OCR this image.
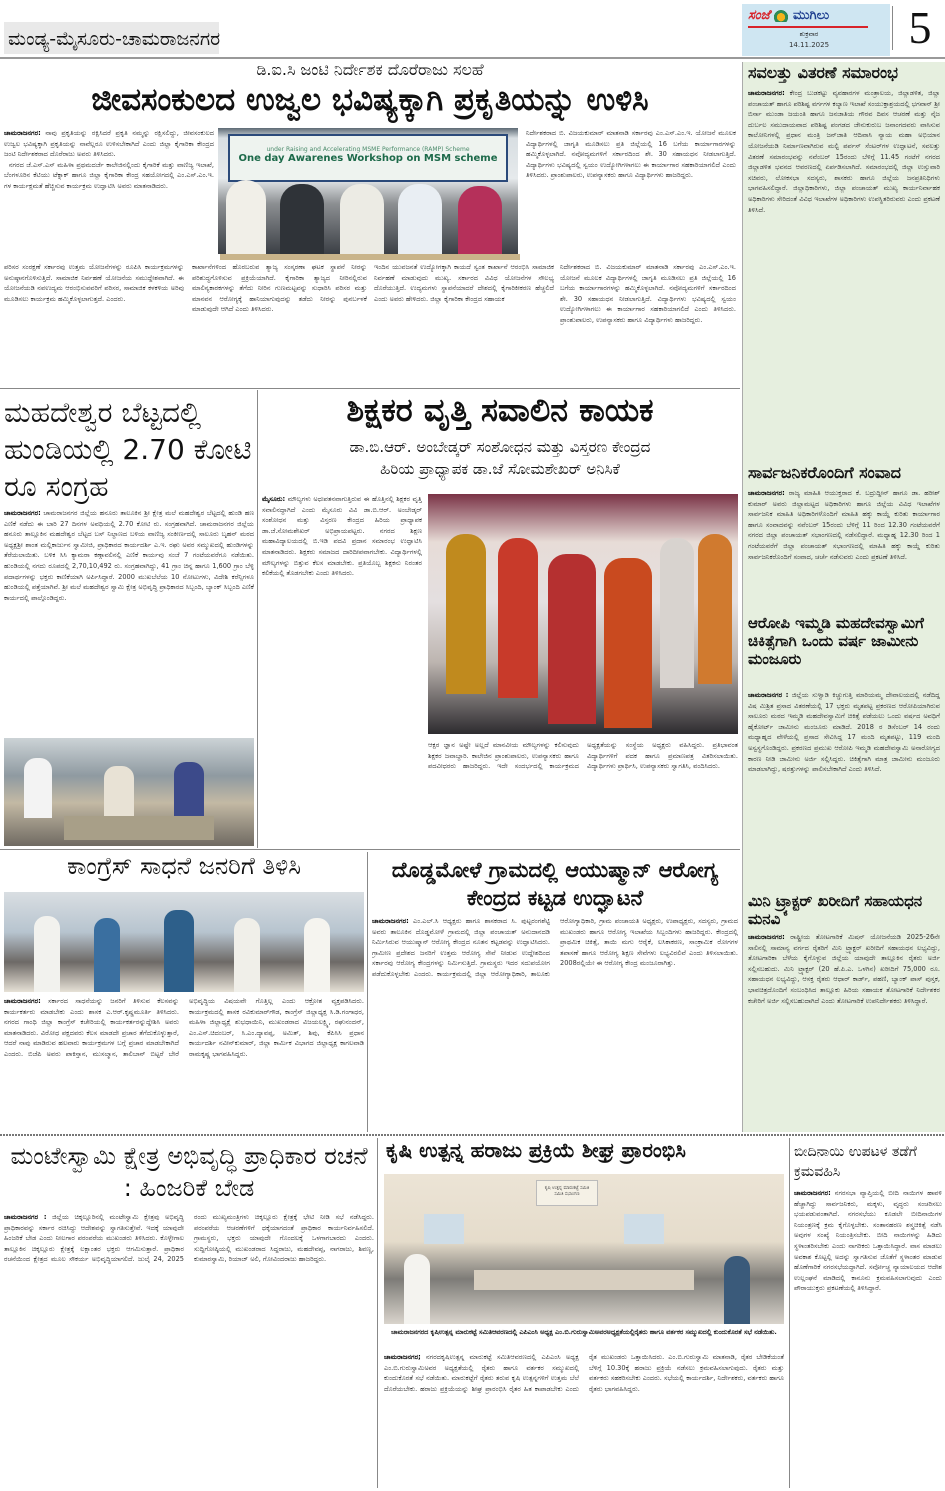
ಮಂಡ್ಯ-ಮೈಸೂರು-ಚಾಮರಾಜನಗರ
ಸಂಜೆ ಮುಗಿಲು
ಶುಕ್ರವಾರ
14.11.2025	5
ಡಿ.ಐ.ಸಿ ಜಂಟಿ ನಿರ್ದೇಶಕ ದೊರೆರಾಜು ಸಲಹೆ
ಜೀವಸಂಕುಲದ ಉಜ್ವಲ ಭವಿಷ್ಯಕ್ಕಾಗಿ ಪ್ರಕೃತಿಯನ್ನು ಉಳಿಸಿ
ಚಾಮರಾಜನಗರ: ನಾವು ಪ್ರಕೃತಿಯನ್ನು ರಕ್ಷಿಸಿದರೆ ಪ್ರಕೃತಿ ನಮ್ಮನ್ನು ರಕ್ಷಿಸಲಿದ್ದು, ಜೀವಸಂಕುಲದ ಉಜ್ವಲ ಭವಿಷ್ಯಕ್ಕಾಗಿ ಪ್ರಕೃತಿಯನ್ನು ನಾವೆಲ್ಲರೂ ಉಳಿಸಬೇಕಾಗಿದೆ ಎಂದು ಜಿಲ್ಲಾ ಕೈಗಾರಿಕಾ ಕೇಂದ್ರದ ಜಂಟಿ ನಿರ್ದೇಶಕರಾದ ದೊರೆರಾಜು ಅವರು ತಿಳಿಸಿದರು.
ನಗರದ ಜೆ.ಎಸ್.ಎಸ್ ಮಹಿಳಾ ಪ್ರಥಮದರ್ಜೆ ಕಾಲೇಜಿನಲ್ಲಿಂದು ಕೈಗಾರಿಕೆ ಮತ್ತು ವಾಣಿಜ್ಯ ಇಲಾಖೆ, ಬೆಂಗಳೂರಿನ ಕೆಟಿಯು ಟೆಕ್ನಾಕ್ ಹಾಗೂ ಜಿಲ್ಲಾ ಕೈಗಾರಿಕಾ ಕೇಂದ್ರ ಸಹಯೋಗದಲ್ಲಿ ಎಂ.ಎಸ್.ಎಂ.ಇ. ಗಳ ಕಾರ್ಯಕ್ಷಮತೆ ಹೆಚ್ಚಿಸುವ ಕಾರ್ಯಕ್ರಮ ಉದ್ಘಾಟಿಸಿ ಅವರು ಮಾತನಾಡಿದರು.
under Raising and Accelerating MSME Performance (RAMP) Scheme
One day Awarenes Workshop on MSM scheme
ನಿರ್ದೇಶಕರಾದ ಬಿ. ವಿಜಯಕುಮಾರ್ ಮಾತನಾಡಿ ಸರ್ಕಾರವು ಎಂ.ಎಸ್.ಎಂ.ಇ. ಯೋಜನೆ ಮೂಲಕ ವಿದ್ಯಾರ್ಥಿಗಳಲ್ಲಿ ಜಾಗೃತಿ ಮೂಡಿಸಲು ಪ್ರತಿ ಜಿಲ್ಲೆಯಲ್ಲಿ 16 ಬಗೆಯ ಕಾರ್ಯಾಗಾರಗಳನ್ನು ಹಮ್ಮಿಕೊಳ್ಳಲಾಗಿದೆ. ನವೋದ್ಯಮಗಳಿಗೆ ಸರ್ಕಾರದಿಂದ ಶೇ. 30 ಸಹಾಯಧನ ನೀಡಲಾಗುತ್ತಿದೆ. ವಿದ್ಯಾರ್ಥಿಗಳು ಭವಿಷ್ಯದಲ್ಲಿ ಸ್ವಯಂ ಉದ್ಯೋಗಿಗಳಾಗಲು ಈ ಕಾರ್ಯಾಗಾರ ಸಹಕಾರಿಯಾಗಲಿದೆ ಎಂದು ತಿಳಿಸಿದರು. ಪ್ರಾಂಶುಪಾಲರು, ಉಪನ್ಯಾಸಕರು ಹಾಗೂ ವಿದ್ಯಾರ್ಥಿಗಳು ಹಾಜರಿದ್ದರು.
ಪರಿಸರ ಸಂರಕ್ಷಣೆ ಸರ್ಕಾರವು ಉತ್ತಮ ಯೋಜನೆಗಳನ್ನು ರೂಪಿಸಿ ಕಾರ್ಯಕ್ರಮಗಳನ್ನು ಅನುಷ್ಠಾನಗೊಳಿಸುತ್ತಿದೆ. ಸಾಮಾಜಿಕ ನಿರ್ವಹಣೆ ಯೋಜನೆಯ ಸಮುದ್ದೇಶವಾಗಿದೆ. ಈ ಯೋಜನೆಯಡಿ ನವಉದ್ಯಮ ಆರಂಭಿಸುವವರಿಗೆ ಪರಿಸರ, ಸಾಮಾಜಿಕ ಕಳಕಳಿಯ ಅರಿವು ಮೂಡಿಸಲು ಕಾರ್ಯಕ್ರಮ ಹಮ್ಮಿಕೊಳ್ಳಲಾಗುತ್ತದೆ. ಎಂದರು.
ಕಾರ್ಖಾನೆಗಳಿಂದ ಹೊರಬರುವ ತ್ಯಾಜ್ಯ ಸಂಸ್ಕರಣಾ ಘಟಕ ಸ್ಥಾಪನೆ ನೀರನ್ನು ಪರಿಶುದ್ಧಗೊಳಿಸುವ ಪ್ರಕ್ರಿಯೆಯಾಗಿದೆ. ಕೈಗಾರಿಕಾ ತ್ಯಾಜ್ಯದ ನೀರಿನಲ್ಲಿರುವ ಮಾಲಿನ್ಯಕಾರಕಗಳನ್ನು ತೆಗೆದು ನೀರಿನ ಗುಣಮಟ್ಟವನ್ನು ಸುಧಾರಿಸಿ ಪರಿಸರ ಮತ್ತು ಮಾನವನ ಆರೋಗ್ಯಕ್ಕೆ ಹಾನಿಯಾಗುವುದನ್ನು ತಡೆದು ನೀರನ್ನು ಪುನರ್ಬಳಕೆ ಮಾಡುವುದೇ ಆಗಿದೆ ಎಂದು ತಿಳಿಸಿದರು.
ಇಂದಿನ ಯುವಜನತೆ ಉದ್ಯೋಗಕ್ಕಾಗಿ ಕಾಯದೆ ಸ್ವಂತ ಕಾರ್ಖಾನೆ ಆರಂಭಿಸಿ ಸಾಮಾಜಿಕ ನಿರ್ವಹಣೆ ಮಾಡುವುದು ಮುಖ್ಯ. ಸರ್ಕಾರದ ವಿವಿಧ ಯೋಜನೆಗಳ ಸೌಲಭ್ಯ ದೊರೆಯುತ್ತಿದೆ. ಉದ್ಯಮಗಳು ಸ್ಥಾಪನೆಯಾದರೆ ದೇಶದಲ್ಲಿ ಕೈಗಾರಿಕೀಕರಣ ಹೆಚ್ಚಲಿದೆ ಎಂದು ಅವರು ಹೇಳಿದರು. ಜಿಲ್ಲಾ ಕೈಗಾರಿಕಾ ಕೇಂದ್ರದ ಸಹಾಯಕ
ನಿರ್ದೇಶಕರಾದ ಬಿ. ವಿಜಯಕುಮಾರ್ ಮಾತನಾಡಿ ಸರ್ಕಾರವು ಎಂ.ಎಸ್.ಎಂ.ಇ. ಯೋಜನೆ ಮೂಲಕ ವಿದ್ಯಾರ್ಥಿಗಳಲ್ಲಿ ಜಾಗೃತಿ ಮೂಡಿಸಲು ಪ್ರತಿ ಜಿಲ್ಲೆಯಲ್ಲಿ 16 ಬಗೆಯ ಕಾರ್ಯಾಗಾರಗಳನ್ನು ಹಮ್ಮಿಕೊಳ್ಳಲಾಗಿದೆ. ನವೋದ್ಯಮಗಳಿಗೆ ಸರ್ಕಾರದಿಂದ ಶೇ. 30 ಸಹಾಯಧನ ನೀಡಲಾಗುತ್ತಿದೆ. ವಿದ್ಯಾರ್ಥಿಗಳು ಭವಿಷ್ಯದಲ್ಲಿ ಸ್ವಯಂ ಉದ್ಯೋಗಿಗಳಾಗಲು ಈ ಕಾರ್ಯಾಗಾರ ಸಹಕಾರಿಯಾಗಲಿದೆ ಎಂದು ತಿಳಿಸಿದರು. ಪ್ರಾಂಶುಪಾಲರು, ಉಪನ್ಯಾಸಕರು ಹಾಗೂ ವಿದ್ಯಾರ್ಥಿಗಳು ಹಾಜರಿದ್ದರು.
ಸವಲತ್ತು ವಿತರಣೆ ಸಮಾರಂಭ
ಚಾಮರಾಜನಗರ: ಕೇಂದ್ರ ಬುಡಕಟ್ಟು ವ್ಯವಹಾರಗಳ ಮಂತ್ರಾಲಯ, ಜಿಲ್ಲಾಡಳಿತ, ಜಿಲ್ಲಾ ಪಂಚಾಯತ್ ಹಾಗೂ ಪರಿಶಿಷ್ಟ ವರ್ಗಗಳ ಕಲ್ಯಾಣ ಇಲಾಖೆ ಸಂಯುಕ್ತಾಶ್ರಯದಲ್ಲಿ ಭಗವಾನ್ ಶ್ರೀ ಬಿರ್ಸಾ ಮುಂಡಾ ಜಯಂತಿ ಹಾಗೂ ಜನಜಾತಿಯ ಗೌರವ ದಿವಸ ಆಚರಣೆ ಮತ್ತು ನೈಜ ದುರ್ಬಲ ಸಮುದಾಯವಾದ ಪರಿಶಿಷ್ಟ ಪಂಗಡದ ಜೇನುಕುರುಬ ಜನಾಂಗದವರು ವಾಸಿಸುವ ಕಾಲೋನಿಗಳಲ್ಲಿ ಪ್ರಧಾನ ಮಂತ್ರಿ ಜನ್‌ಜಾತಿ ಆದಿವಾಸಿ ನ್ಯಾಯ ಮಹಾ ಅಭಿಯಾನ ಯೋಜನೆಯಡಿ ನಿರ್ಮಾಣವಾಗಿರುವ ಮಲ್ಟಿ ಪರ್ಪಸ್ ಸೆಂಟರ್‌ಗಳ ಉದ್ಘಾಟನೆ, ಸವಲತ್ತು ವಿತರಣೆ ಸಮಾರಂಭವನ್ನು ನವೆಂಬರ್ 15ರಂದು ಬೆಳಿಗ್ಗೆ 11.45 ಗಂಟೆಗೆ ನಗರದ ಜಿಲ್ಲಾಡಳಿತ ಭವನದ ಆವರಣದಲ್ಲಿ ಏರ್ಪಡಿಸಲಾಗಿದೆ. ಸಮಾರಂಭದಲ್ಲಿ ಜಿಲ್ಲಾ ಉಸ್ತುವಾರಿ ಸಚಿವರು, ಲೋಕಸಭಾ ಸದಸ್ಯರು, ಶಾಸಕರು ಹಾಗೂ ಜಿಲ್ಲೆಯ ಜನಪ್ರತಿನಿಧಿಗಳು ಭಾಗವಹಿಸಲಿದ್ದಾರೆ. ಜಿಲ್ಲಾಧಿಕಾರಿಗಳು, ಜಿಲ್ಲಾ ಪಂಚಾಯತ್ ಮುಖ್ಯ ಕಾರ್ಯನಿರ್ವಾಹಕ ಅಧಿಕಾರಿಗಳು ಸೇರಿದಂತೆ ವಿವಿಧ ಇಲಾಖೆಗಳ ಅಧಿಕಾರಿಗಳು ಉಪಸ್ಥಿತರಿರುವರು ಎಂದು ಪ್ರಕಟಣೆ ತಿಳಿಸಿದೆ.
ಸಾರ್ವಜನಿಕರೊಂದಿಗೆ ಸಂವಾದ
ಚಾಮರಾಜನಗರ: ರಾಜ್ಯ ಮಾಹಿತಿ ಆಯುಕ್ತರಾದ ಕೆ. ಬದ್ರುದ್ದೀನ್ ಹಾಗೂ ಡಾ. ಹರೀಶ್ ಕುಮಾರ್ ಅವರು ಜಿಲ್ಲಾಮಟ್ಟದ ಅಧಿಕಾರಿಗಳು ಹಾಗೂ ಜಿಲ್ಲೆಯ ವಿವಿಧ ಇಲಾಖೆಗಳ ಸಾರ್ವಜನಿಕ ಮಾಹಿತಿ ಅಧಿಕಾರಿಗಳೊಂದಿಗೆ ಮಾಹಿತಿ ಹಕ್ಕು ಕಾಯ್ದೆ ಕುರಿತು ಕಾರ್ಯಾಗಾರ ಹಾಗೂ ಸಂವಾದವನ್ನು ನವೆಂಬರ್ 15ರಂದು ಬೆಳಿಗ್ಗೆ 11 ರಿಂದ 12.30 ಗಂಟೆಯವರೆಗೆ ನಗರದ ಜಿಲ್ಲಾ ಪಂಚಾಯತ್ ಸಭಾಂಗಣದಲ್ಲಿ ನಡೆಸಲಿದ್ದಾರೆ. ಮಧ್ಯಾಹ್ನ 12.30 ರಿಂದ 1 ಗಂಟೆಯವರೆಗೆ ಜಿಲ್ಲಾ ಪಂಚಾಯತ್ ಸಭಾಂಗಣದಲ್ಲಿ ಮಾಹಿತಿ ಹಕ್ಕು ಕಾಯ್ದೆ ಕುರಿತು ಸಾರ್ವಜನಿಕರೊಂದಿಗೆ ಸಂವಾದ, ಚರ್ಚೆ ನಡೆಸುವರು ಎಂದು ಪ್ರಕಟಣೆ ತಿಳಿಸಿದೆ.
ಆರೋಪಿ ಇಮ್ಮಡಿ ಮಹದೇವಸ್ವಾಮಿಗೆ ಚಿಕಿತ್ಸೆಗಾಗಿ ಒಂದು ವರ್ಷ ಜಾಮೀನು ಮಂಜೂರು
ಚಾಮರಾಜನಗರ : ಜಿಲ್ಲೆಯ ಸುಳ್ವಾಡಿ ಕಿಚ್ಚುಗುತ್ತಿ ಮಾರಿಯಮ್ಮ ದೇವಾಲಯದಲ್ಲಿ ನಡೆದಿದ್ದ ವಿಷ ಮಿಶ್ರಿತ ಪ್ರಸಾದ ವಿತರಣೆಯಲ್ಲಿ 17 ಭಕ್ತರು ಮೃತಪಟ್ಟ ಪ್ರಕರಣದ ಆರೋಪಿಯಾಗಿರುವ ಸಾಲೂರು ಮಠದ ಇಮ್ಮಡಿ ಮಹದೇವಸ್ವಾಮಿಗೆ ಚಿಕಿತ್ಸೆ ಪಡೆಯಲು ಒಂದು ವರ್ಷದ ಅವಧಿಗೆ ಹೈಕೋರ್ಟ್ ಜಾಮೀನು ಮಂಜೂರು ಮಾಡಿದೆ. 2018 ರ ಡಿಸೆಂಬರ್ 14 ರಂದು ಮಧ್ಯಾಹ್ನದ ವೇಳೆಯಲ್ಲಿ ಪ್ರಸಾದ ಸೇವಿಸಿದ್ದ 17 ಮಂದಿ ಮೃತಪಟ್ಟು, 119 ಮಂದಿ ಅಸ್ವಸ್ಥಗೊಂಡಿದ್ದರು. ಪ್ರಕರಣದ ಪ್ರಮುಖ ಆರೋಪಿ ಇಮ್ಮಡಿ ಮಹದೇವಸ್ವಾಮಿ ಅನಾರೋಗ್ಯದ ಕಾರಣ ನೀಡಿ ಜಾಮೀನು ಅರ್ಜಿ ಸಲ್ಲಿಸಿದ್ದರು. ಚಿಕಿತ್ಸೆಗಾಗಿ ಮಾತ್ರ ಜಾಮೀನು ಮಂಜೂರು ಮಾಡಲಾಗಿದ್ದು, ಷರತ್ತುಗಳನ್ನು ಪಾಲಿಸಬೇಕಾಗಿದೆ ಎಂದು ತಿಳಿಸಿದೆ.
ಮಿನಿ ಟ್ರ್ಯಾಕ್ಟರ್ ಖರೀದಿಗೆ ಸಹಾಯಧನ ಮನವಿ
ಚಾಮರಾಜನಗರ: ರಾಷ್ಟ್ರೀಯ ತೋಟಗಾರಿಕೆ ಮಿಷನ್ ಯೋಜನೆಯಡಿ 2025-26ನೇ ಸಾಲಿನಲ್ಲಿ ಸಾಮಾನ್ಯ ವರ್ಗದ ರೈತರಿಗೆ ಮಿನಿ ಟ್ರ್ಯಾಕ್ಟರ್ ಖರೀದಿಗೆ ಸಹಾಯಧನ ಲಭ್ಯವಿದ್ದು, ತೋಟಗಾರಿಕಾ ಬೆಳೆಯ ಕೈಗೊಳ್ಳುವ ಜಿಲ್ಲೆಯ ಯಾವುದೇ ತಾಲ್ಲೂಕಿನ ರೈತರು ಅರ್ಜಿ ಸಲ್ಲಿಸಬಹುದು. ಮಿನಿ ಟ್ರ್ಯಾಕ್ಟರ್ (20 ಹೆ.ಪಿ.ಎ. ಒಳಗಿನ) ಖರೀದಿಗೆ 75,000 ರೂ. ಸಹಾಯಧನ ಲಭ್ಯವಿದ್ದು, ಆಸಕ್ತ ರೈತರು ಆಧಾರ್ ಕಾರ್ಡ್, ಪಹಣಿ, ಬ್ಯಾಂಕ್ ಪಾಸ್ ಪುಸ್ತಕ, ಭಾವಚಿತ್ರದೊಂದಿಗೆ ಸಂಬಂಧಿಸಿದ ತಾಲ್ಲೂಕು ಹಿರಿಯ ಸಹಾಯಕ ತೋಟಗಾರಿಕೆ ನಿರ್ದೇಶಕರ ಕಚೇರಿಗೆ ಅರ್ಜಿ ಸಲ್ಲಿಸಬಹುದಾಗಿದೆ ಎಂದು ತೋಟಗಾರಿಕೆ ಉಪನಿರ್ದೇಶಕರು ತಿಳಿಸಿದ್ದಾರೆ.
ಮಹದೇಶ್ವರ ಬೆಟ್ಟದಲ್ಲಿ ಹುಂಡಿಯಲ್ಲಿ 2.70 ಕೋಟಿ ರೂ ಸಂಗ್ರಹ
ಚಾಮರಾಜನಗರ: ಚಾಮರಾಜನಗರ ಜಿಲ್ಲೆಯ ಹನೂರು ತಾಲೂಕಿನ ಶ್ರೀ ಕ್ಷೇತ್ರ ಮಲೆ ಮಹದೇಶ್ವರ ಬೆಟ್ಟದಲ್ಲಿ ಹುಂಡಿ ಹಣ ಎಣಿಕೆ ನಡೆದು ಈ ಬಾರಿ 27 ದಿನಗಳ ಅವಧಿಯಲ್ಲಿ 2.70 ಕೋಟಿ ರು. ಸಂಗ್ರಹವಾಗಿದೆ. ಚಾಮರಾಜನಗರ ಜಿಲ್ಲೆಯ ಹನೂರು ತಾಲ್ಲೂಕಿನ ಮಹದೇಶ್ವರ ಬೆಟ್ಟದ ಬಸ್ ನಿಲ್ದಾಣದ ಬಳಿಯ ವಾಣಿಜ್ಯ ಸಂಕೀರ್ಣದಲ್ಲಿ ಸಾಲೂರು ಬೃಹನ್ ಮಠದ ಅಧ್ಯಕ್ಷಶ್ರೀ ಶಾಂತ ಮಲ್ಲಿಕಾರ್ಜುನ ಸ್ವಾಮೀಜಿ, ಪ್ರಾಧಿಕಾರದ ಕಾರ್ಯದರ್ಶಿ ಎ.ಇ. ರಘು ಅವರ ಸಮ್ಮುಖದಲ್ಲಿ ಹುಂಡಿಗಳನ್ನು ತೆರೆಯಲಾಯಿತು. ಬಳಿಕ ಸಿಸಿ ಕ್ಯಾಮರಾ ಕಣ್ಗಾವಲಿನಲ್ಲಿ ಎಣಿಕೆ ಕಾರ್ಯವು ಸಂಜೆ 7 ಗಂಟೆಯವರೆಗೂ ನಡೆಯಿತು. ಹುಂಡಿಯಲ್ಲಿ ನಗದು ರೂಪದಲ್ಲಿ 2,70,10,492 ರು. ಸಂಗ್ರಹವಾಗಿದ್ದು, 41 ಗ್ರಾಂ ಚಿನ್ನ ಹಾಗೂ 1,600 ಗ್ರಾಂ ಬೆಳ್ಳಿ ಪದಾರ್ಥಗಳನ್ನು ಭಕ್ತರು ಕಾಣಿಕೆಯಾಗಿ ಅರ್ಪಿಸಿದ್ದಾರೆ. 2000 ಮುಖಬೆಲೆಯ 10 ನೋಟುಗಳು, ವಿದೇಶಿ ಕರೆನ್ಸಿಗಳೂ ಹುಂಡಿಯಲ್ಲಿ ಪತ್ತೆಯಾಗಿವೆ. ಶ್ರೀ ಮಲೆ ಮಹದೇಶ್ವರ ಸ್ವಾಮಿ ಕ್ಷೇತ್ರ ಅಭಿವೃದ್ಧಿ ಪ್ರಾಧಿಕಾರದ ಸಿಬ್ಬಂದಿ, ಬ್ಯಾಂಕ್ ಸಿಬ್ಬಂದಿ ಎಣಿಕೆ ಕಾರ್ಯದಲ್ಲಿ ಪಾಲ್ಗೊಂಡಿದ್ದರು.
ಶಿಕ್ಷಕರ ವೃತ್ತಿ ಸವಾಲಿನ ಕಾಯಕ
ಡಾ.ಬಿ.ಆರ್. ಅಂಬೇಡ್ಕರ್ ಸಂಶೋಧನ ಮತ್ತು ವಿಸ್ತರಣ ಕೇಂದ್ರದ
ಹಿರಿಯ ಪ್ರಾಧ್ಯಾಪಕ ಡಾ.ಜೆ ಸೋಮಶೇಖರ್ ಅನಿಸಿಕೆ
ಮೈಸೂರು: ಮೌಲ್ಯಗಳು ಅಧಃಪತನವಾಗುತ್ತಿರುವ ಈ ಹೊತ್ತಿನಲ್ಲಿ ಶಿಕ್ಷಕರ ವೃತ್ತಿ ಸವಾಲಿನದ್ದಾಗಿದೆ ಎಂದು ಮೈಸೂರು ವಿವಿ ಡಾ.ಬಿ.ಆರ್. ಅಂಬೇಡ್ಕರ್ ಸಂಶೋಧನ ಮತ್ತು ವಿಸ್ತರಣ ಕೇಂದ್ರದ ಹಿರಿಯ ಪ್ರಾಧ್ಯಾಪಕ ಡಾ.ಜೆ.ಸೋಮಶೇಖರ್ ಅಭಿಪ್ರಾಯಪಟ್ಟರು. ನಗರದ ಶಿಕ್ಷಣ ಮಹಾವಿದ್ಯಾಲಯದಲ್ಲಿ ಬಿ.ಇಡಿ ಪದವಿ ಪ್ರದಾನ ಸಮಾರಂಭ ಉದ್ಘಾಟಿಸಿ ಮಾತನಾಡಿದರು. ಶಿಕ್ಷಕರು ಸಮಾಜದ ದಾರಿದೀಪವಾಗಬೇಕು. ವಿದ್ಯಾರ್ಥಿಗಳಲ್ಲಿ ಮೌಲ್ಯಗಳನ್ನು ಬಿತ್ತುವ ಕೆಲಸ ಮಾಡಬೇಕು. ಪ್ರತಿಯೊಬ್ಬ ಶಿಕ್ಷಕನು ನಿರಂತರ ಕಲಿಕೆಯಲ್ಲಿ ತೊಡಗಬೇಕು ಎಂದು ತಿಳಿಸಿದರು.
ಆಕ್ಷರ ಜ್ಞಾನ ಅಷ್ಟೇ ಅಲ್ಲದೆ ಮಾನವೀಯ ಮೌಲ್ಯಗಳನ್ನು ಕಲಿಸುವುದು ಶಿಕ್ಷಕರ ಜವಾಬ್ದಾರಿ. ಕಾಲೇಜಿನ ಪ್ರಾಂಶುಪಾಲರು, ಉಪನ್ಯಾಸಕರು ಹಾಗೂ ಪದವೀಧರರು ಹಾಜರಿದ್ದರು. ಇದೇ ಸಂದರ್ಭದಲ್ಲಿ ಕಾರ್ಯಕ್ರಮದ ಅಧ್ಯಕ್ಷತೆಯನ್ನು ಸಂಸ್ಥೆಯ ಅಧ್ಯಕ್ಷರು ವಹಿಸಿದ್ದರು. ಪ್ರತಿಭಾವಂತ ವಿದ್ಯಾರ್ಥಿಗಳಿಗೆ ಪದಕ ಹಾಗೂ ಪ್ರಮಾಣಪತ್ರ ವಿತರಿಸಲಾಯಿತು. ವಿದ್ಯಾರ್ಥಿಗಳು ಪ್ರಾರ್ಥಿಸಿ, ಉಪನ್ಯಾಸಕರು ಸ್ವಾಗತಿಸಿ, ವಂದಿಸಿದರು.
ಕಾಂಗ್ರೆಸ್ ಸಾಧನೆ ಜನರಿಗೆ ತಿಳಿಸಿ
ಚಾಮರಾಜನಗರ: ಸರ್ಕಾರದ ಸಾಧನೆಯನ್ನು ಜನರಿಗೆ ತಿಳಿಸುವ ಕೆಲಸವನ್ನು ಕಾರ್ಯಕರ್ತರು ಮಾಡಬೇಕು ಎಂದು ಶಾಸಕ ಎ.ಆರ್.ಕೃಷ್ಣಮೂರ್ತಿ ತಿಳಿಸಿದರು. ನಗರದ ಗಾಂಧಿ ಜಿಲ್ಲಾ ಕಾಂಗ್ರೆಸ್ ಕಚೇರಿಯಲ್ಲಿ ಕಾರ್ಯಕರ್ತರನ್ನುದ್ದೇಶಿಸಿ ಅವರು ಮಾತನಾಡಿದರು. ವಿರೋಧ ಪಕ್ಷದವರು ಕೆಲಸ ಮಾಡದೇ ಪ್ರಚಾರ ತೆಗೆದುಕೊಳ್ಳುತ್ತಾರೆ, ಆದರೆ ನಾವು ಮಾಡಿರುವ ಹಲವಾರು ಕಾರ್ಯಕ್ರಮಗಳ ಬಗ್ಗೆ ಪ್ರಚಾರ ಮಾಡಬೇಕಾಗಿದೆ ಎಂದರು. ಬಿಜೆಪಿ ಅವರು ಪಾಕಿಸ್ತಾನ, ಮುಸಲ್ಮಾನ, ತಾಲಿಬಾನ್ ಬಿಟ್ಟರೆ ಬೇರೆ ಅಭಿವೃದ್ಧಿಯ ವಿಷಯವೇ ಗೊತ್ತಿಲ್ಲ ಎಂದು ಆಕ್ರೋಶ ವ್ಯಕ್ತಪಡಿಸಿದರು. ಕಾರ್ಯಕ್ರಮದಲ್ಲಿ ಶಾಸಕ ರವಿಕುಮಾರ್‌ಗೌಡ, ಕಾಂಗ್ರೆಸ್ ಜಿಲ್ಲಾಧ್ಯಕ್ಷ ಸಿ.ಡಿ.ಗಂಗಾಧರ, ಮಹಿಳಾ ಜಿಲ್ಲಾಧ್ಯಕ್ಷೆ ಶುಭಧಾಯಿನಿ, ಮುಖಂಡರಾದ ವಿಜಯಲಕ್ಷ್ಮಿ, ರಘುನಂದನ್, ಎಂ.ಎಸ್.ಚಿದಂಬರ್, ಸಿ.ಎಂ.ದ್ಯಾವಪ್ಪ, ಅಮಿತ್, ಶಿವು, ಕೆಪಿಸಿಸಿ ಪ್ರಧಾನ ಕಾರ್ಯದರ್ಶಿ ನವೀನ್‌ಕುಮಾರ್, ಜಿಲ್ಲಾ ಕಾರ್ಮಿಕ ವಿಭಾಗದ ಜಿಲ್ಲಾಧ್ಯಕ್ಷ ಕಾಗಲವಾಡಿ ರಾಮಕೃಷ್ಣ ಭಾಗವಹಿಸಿದ್ದರು.
ದೊಡ್ಡಮೋಳೆ ಗ್ರಾಮದಲ್ಲಿ ಆಯುಷ್ಮಾನ್ ಆರೋಗ್ಯ ಕೇಂದ್ರದ ಕಟ್ಟಡ ಉದ್ಘಾಟನೆ
ಚಾಮರಾಜನಗರ: ಎಂ.ಎಲ್.ಸಿ ಆಧ್ಯಕ್ಷರು ಹಾಗೂ ಶಾಸಕರಾದ ಸಿ. ಪುಟ್ಟರಂಗಶೆಟ್ಟಿ ಅವರು ತಾಲೂಕಿನ ದೊಡ್ಡಮೋಳೆ ಗ್ರಾಮದಲ್ಲಿ ಜಿಲ್ಲಾ ಪಂಚಾಯತ್ ಅನುದಾನದಡಿ ನಿರ್ಮಿಸಿರುವ ಆಯುಷ್ಮಾನ್ ಆರೋಗ್ಯ ಕೇಂದ್ರದ ನೂತನ ಕಟ್ಟಡವನ್ನು ಉದ್ಘಾಟಿಸಿದರು. ಗ್ರಾಮೀಣ ಪ್ರದೇಶದ ಜನರಿಗೆ ಉತ್ತಮ ಆರೋಗ್ಯ ಸೇವೆ ನೀಡುವ ಉದ್ದೇಶದಿಂದ ಸರ್ಕಾರವು ಆರೋಗ್ಯ ಕೇಂದ್ರಗಳನ್ನು ನಿರ್ಮಿಸುತ್ತಿದೆ. ಗ್ರಾಮಸ್ಥರು ಇದರ ಸದುಪಯೋಗ ಪಡೆದುಕೊಳ್ಳಬೇಕು ಎಂದರು. ಕಾರ್ಯಕ್ರಮದಲ್ಲಿ ಜಿಲ್ಲಾ ಆರೋಗ್ಯಾಧಿಕಾರಿ, ತಾಲೂಕು ಆರೋಗ್ಯಾಧಿಕಾರಿ, ಗ್ರಾಮ ಪಂಚಾಯತಿ ಅಧ್ಯಕ್ಷರು, ಉಪಾಧ್ಯಕ್ಷರು, ಸದಸ್ಯರು, ಗ್ರಾಮದ ಮುಖಂಡರು ಹಾಗೂ ಆರೋಗ್ಯ ಇಲಾಖೆಯ ಸಿಬ್ಬಂದಿಗಳು ಹಾಜರಿದ್ದರು. ಕೇಂದ್ರದಲ್ಲಿ ಪ್ರಾಥಮಿಕ ಚಿಕಿತ್ಸೆ, ತಾಯಿ ಮಗು ಆರೈಕೆ, ಲಸಿಕಾಕರಣ, ಸಾಂಕ್ರಾಮಿಕ ರೋಗಗಳ ತಪಾಸಣೆ ಹಾಗೂ ಆರೋಗ್ಯ ಶಿಕ್ಷಣ ಸೇವೆಗಳು ಲಭ್ಯವಿರಲಿವೆ ಎಂದು ತಿಳಿಸಲಾಯಿತು. 2008ರಲ್ಲಿಯೇ ಈ ಆರೋಗ್ಯ ಕೇಂದ್ರ ಮಂಜೂರಾಗಿತ್ತು.
ಮಂಟೇಸ್ವಾಮಿ ಕ್ಷೇತ್ರ ಅಭಿವೃದ್ಧಿ ಪ್ರಾಧಿಕಾರ ರಚನೆ : ಹಿಂಜರಿಕೆ ಬೇಡ
ಚಾಮರಾಜನಗರ : ಜಿಲ್ಲೆಯ ಚಿಕ್ಕಲ್ಲೂರಿನಲ್ಲಿ ಮಂಟೇಸ್ವಾಮಿ ಕ್ಷೇತ್ರವು ಅಭಿವೃದ್ಧಿ ಪ್ರಾಧಿಕಾರವನ್ನು ಸರ್ಕಾರ ರಚಿಸಿದ್ದು ಆದೇಶವನ್ನು ಸ್ವಾಗತಿಸುತ್ತೇವೆ. ಇದಕ್ಕೆ ಯಾವುದೇ ಹಿಂಜರಿಕೆ ಬೇಡ ಎಂದು ನೀಲಗಾರ ಪರಂಪರೆಯ ಮುಖಂಡರು ತಿಳಿಸಿದರು. ಕೊಳ್ಳೇಗಾಲ ತಾಲ್ಲೂಕಿನ ಚಿಕ್ಕಲ್ಲೂರು ಕ್ಷೇತ್ರಕ್ಕೆ ಲಕ್ಷಾಂತರ ಭಕ್ತರು ಆಗಮಿಸುತ್ತಾರೆ. ಪ್ರಾಧಿಕಾರ ರಚನೆಯಿಂದ ಕ್ಷೇತ್ರದ ಮೂಲ ಸೌಕರ್ಯ ಅಭಿವೃದ್ಧಿಯಾಗಲಿದೆ. ಜುಲೈ 24, 2025 ರಂದು ಮುಖ್ಯಮಂತ್ರಿಗಳು ಚಿಕ್ಕಲ್ಲೂರು ಕ್ಷೇತ್ರಕ್ಕೆ ಭೇಟಿ ನೀಡಿ ಸಭೆ ನಡೆಸಿದ್ದರು. ಪರಂಪರೆಯ ಆಚರಣೆಗಳಿಗೆ ಧಕ್ಕೆಯಾಗದಂತೆ ಪ್ರಾಧಿಕಾರ ಕಾರ್ಯನಿರ್ವಹಿಸಲಿದೆ. ಗ್ರಾಮಸ್ಥರು, ಭಕ್ತರು ಯಾವುದೇ ಗೊಂದಲಕ್ಕೆ ಒಳಗಾಗಬಾರದು ಎಂದರು. ಸುದ್ದಿಗೋಷ್ಠಿಯಲ್ಲಿ ಮುಖಂಡರಾದ ಸಿದ್ದರಾಜು, ಮಹದೇವಪ್ಪ, ನಾಗರಾಜು, ಶಿವಣ್ಣ, ಕುಮಾರಸ್ವಾಮಿ, ರಿಯಾಜ್ ಅಲಿ, ಗೋವಿಂದರಾಜು ಹಾಜರಿದ್ದರು.
ಕೃಷಿ ಉತ್ಪನ್ನ ಹರಾಜು ಪ್ರಕ್ರಿಯೆ ಶೀಘ್ರ ಪ್ರಾರಂಭಿಸಿ
ಕೃಷಿ ಉತ್ಪನ್ನ ಮಾರುಕಟ್ಟೆ ಸಮಿತಿ
ಸಮಿತಿ ಸಭಾಂಗಣ
ಚಾಮರಾಜನಗರದ ಕೃಷಿಉತ್ಪನ್ನ ಮಾರುಕಟ್ಟೆ ಸಮಿತಿಆವರಣದಲ್ಲಿ ಎಪಿಎಂಸಿ ಅಧ್ಯಕ್ಷ ಎಂ.ಬಿ.ಗುರುಸ್ವಾಮಿಅವರಅಧ್ಯಕ್ಷತೆಯಲ್ಲಿರೈತರು ಹಾಗೂ ವರ್ತಕರ ಸಮ್ಮುಖದಲ್ಲಿ ಕುಂದುಕೊರತೆ ಸಭೆ ನಡೆಯಿತು.
ಚಾಮರಾಜನಗರ; ನಗರದಕೃಷಿಉತ್ಪನ್ನ ಮಾರುಕಟ್ಟೆ ಸಮಿತಿಆವರಣದಲ್ಲಿ ಎಪಿಎಂಸಿ ಅಧ್ಯಕ್ಷ ಎಂ.ಬಿ.ಗುರುಸ್ವಾಮಿಅವರ ಅಧ್ಯಕ್ಷತೆಯಲ್ಲಿ ರೈತರು ಹಾಗೂ ವರ್ತಕರ ಸಮ್ಮುಖದಲ್ಲಿ ಕುಂದುಕೊರತೆ ಸಭೆ ನಡೆಯಿತು. ಮಾರುಕಟ್ಟೆಗೆ ರೈತರು ತರುವ ಕೃಷಿ ಉತ್ಪನ್ನಗಳಿಗೆ ಉತ್ತಮ ಬೆಲೆ ದೊರೆಯಬೇಕು. ಹರಾಜು ಪ್ರಕ್ರಿಯೆಯನ್ನು ಶೀಘ್ರ ಪ್ರಾರಂಭಿಸಿ ರೈತರ ಹಿತ ಕಾಪಾಡಬೇಕು ಎಂದು ರೈತ ಮುಖಂಡರು ಒತ್ತಾಯಿಸಿದರು. ಎಂ.ಬಿ.ಗುರುಸ್ವಾಮಿ ಮಾತನಾಡಿ, ರೈತರ ಬೇಡಿಕೆಯಂತೆ ಬೆಳಿಗ್ಗೆ 10.30ಕ್ಕೆ ಹರಾಜು ಪ್ರಕ್ರಿಯೆ ನಡೆಸಲು ಕ್ರಮವಹಿಸಲಾಗುವುದು. ರೈತರು ಮತ್ತು ವರ್ತಕರು ಸಹಕರಿಸಬೇಕು ಎಂದರು. ಸಭೆಯಲ್ಲಿ ಕಾರ್ಯದರ್ಶಿ, ನಿರ್ದೇಶಕರು, ವರ್ತಕರು ಹಾಗೂ ರೈತರು ಭಾಗವಹಿಸಿದ್ದರು.
ಬೀದಿನಾಯಿ ಉಪಟಳ ತಡೆಗೆ ಕ್ರಮವಹಿಸಿ
ಚಾಮರಾಜನಗರ: ನಗರಸಭಾ ವ್ಯಾಪ್ತಿಯಲ್ಲಿ ಬೀದಿ ನಾಯಿಗಳ ಹಾವಳಿ ಹೆಚ್ಚಾಗಿದ್ದು ಸಾರ್ವಜನಿಕರು, ಮಕ್ಕಳು, ವೃದ್ಧರು ಸಂಚರಿಸಲು ಭಯಪಡುವಂತಾಗಿದೆ. ನಗರಸಭೆಯು ಕೂಡಲೇ ಬೀದಿನಾಯಿಗಳ ನಿಯಂತ್ರಣಕ್ಕೆ ಕ್ರಮ ಕೈಗೊಳ್ಳಬೇಕು. ಸಂತಾನಹರಣ ಶಸ್ತ್ರಚಿಕಿತ್ಸೆ ನಡೆಸಿ ಅವುಗಳ ಸಂಖ್ಯೆ ನಿಯಂತ್ರಿಸಬೇಕು. ಬೀದಿ ನಾಯಿಗಳನ್ನು ಹಿಡಿದು ಸ್ಥಳಾಂತರಿಸಬೇಕು ಎಂದು ನಾಗರಿಕರು ಒತ್ತಾಯಿಸಿದ್ದಾರೆ. ವಾಸ ಮಾಡಲು ಅವಕಾಶ ಕೊಟ್ಟಲ್ಲಿ ಅದನ್ನು ಸ್ವಾಗತಿಸುವ ಜೊತೆಗೆ ಸ್ಥಳಾಂತರ ಮಾಡುವ ಹೊಣೆಗಾರಿಕೆ ನಗರಸಭೆಯದ್ದಾಗಿದೆ. ಸರ್ವೋಚ್ಚ ನ್ಯಾಯಾಲಯದ ಆದೇಶ ಉಲ್ಲಂಘನೆ ಮಾಡಿದಲ್ಲಿ ಕಾನೂನು ಕ್ರಮವಹಿಸಲಾಗುವುದು ಎಂದು ಪೌರಾಯುಕ್ತರು ಪ್ರಕಟಣೆಯಲ್ಲಿ ತಿಳಿಸಿದ್ದಾರೆ.
